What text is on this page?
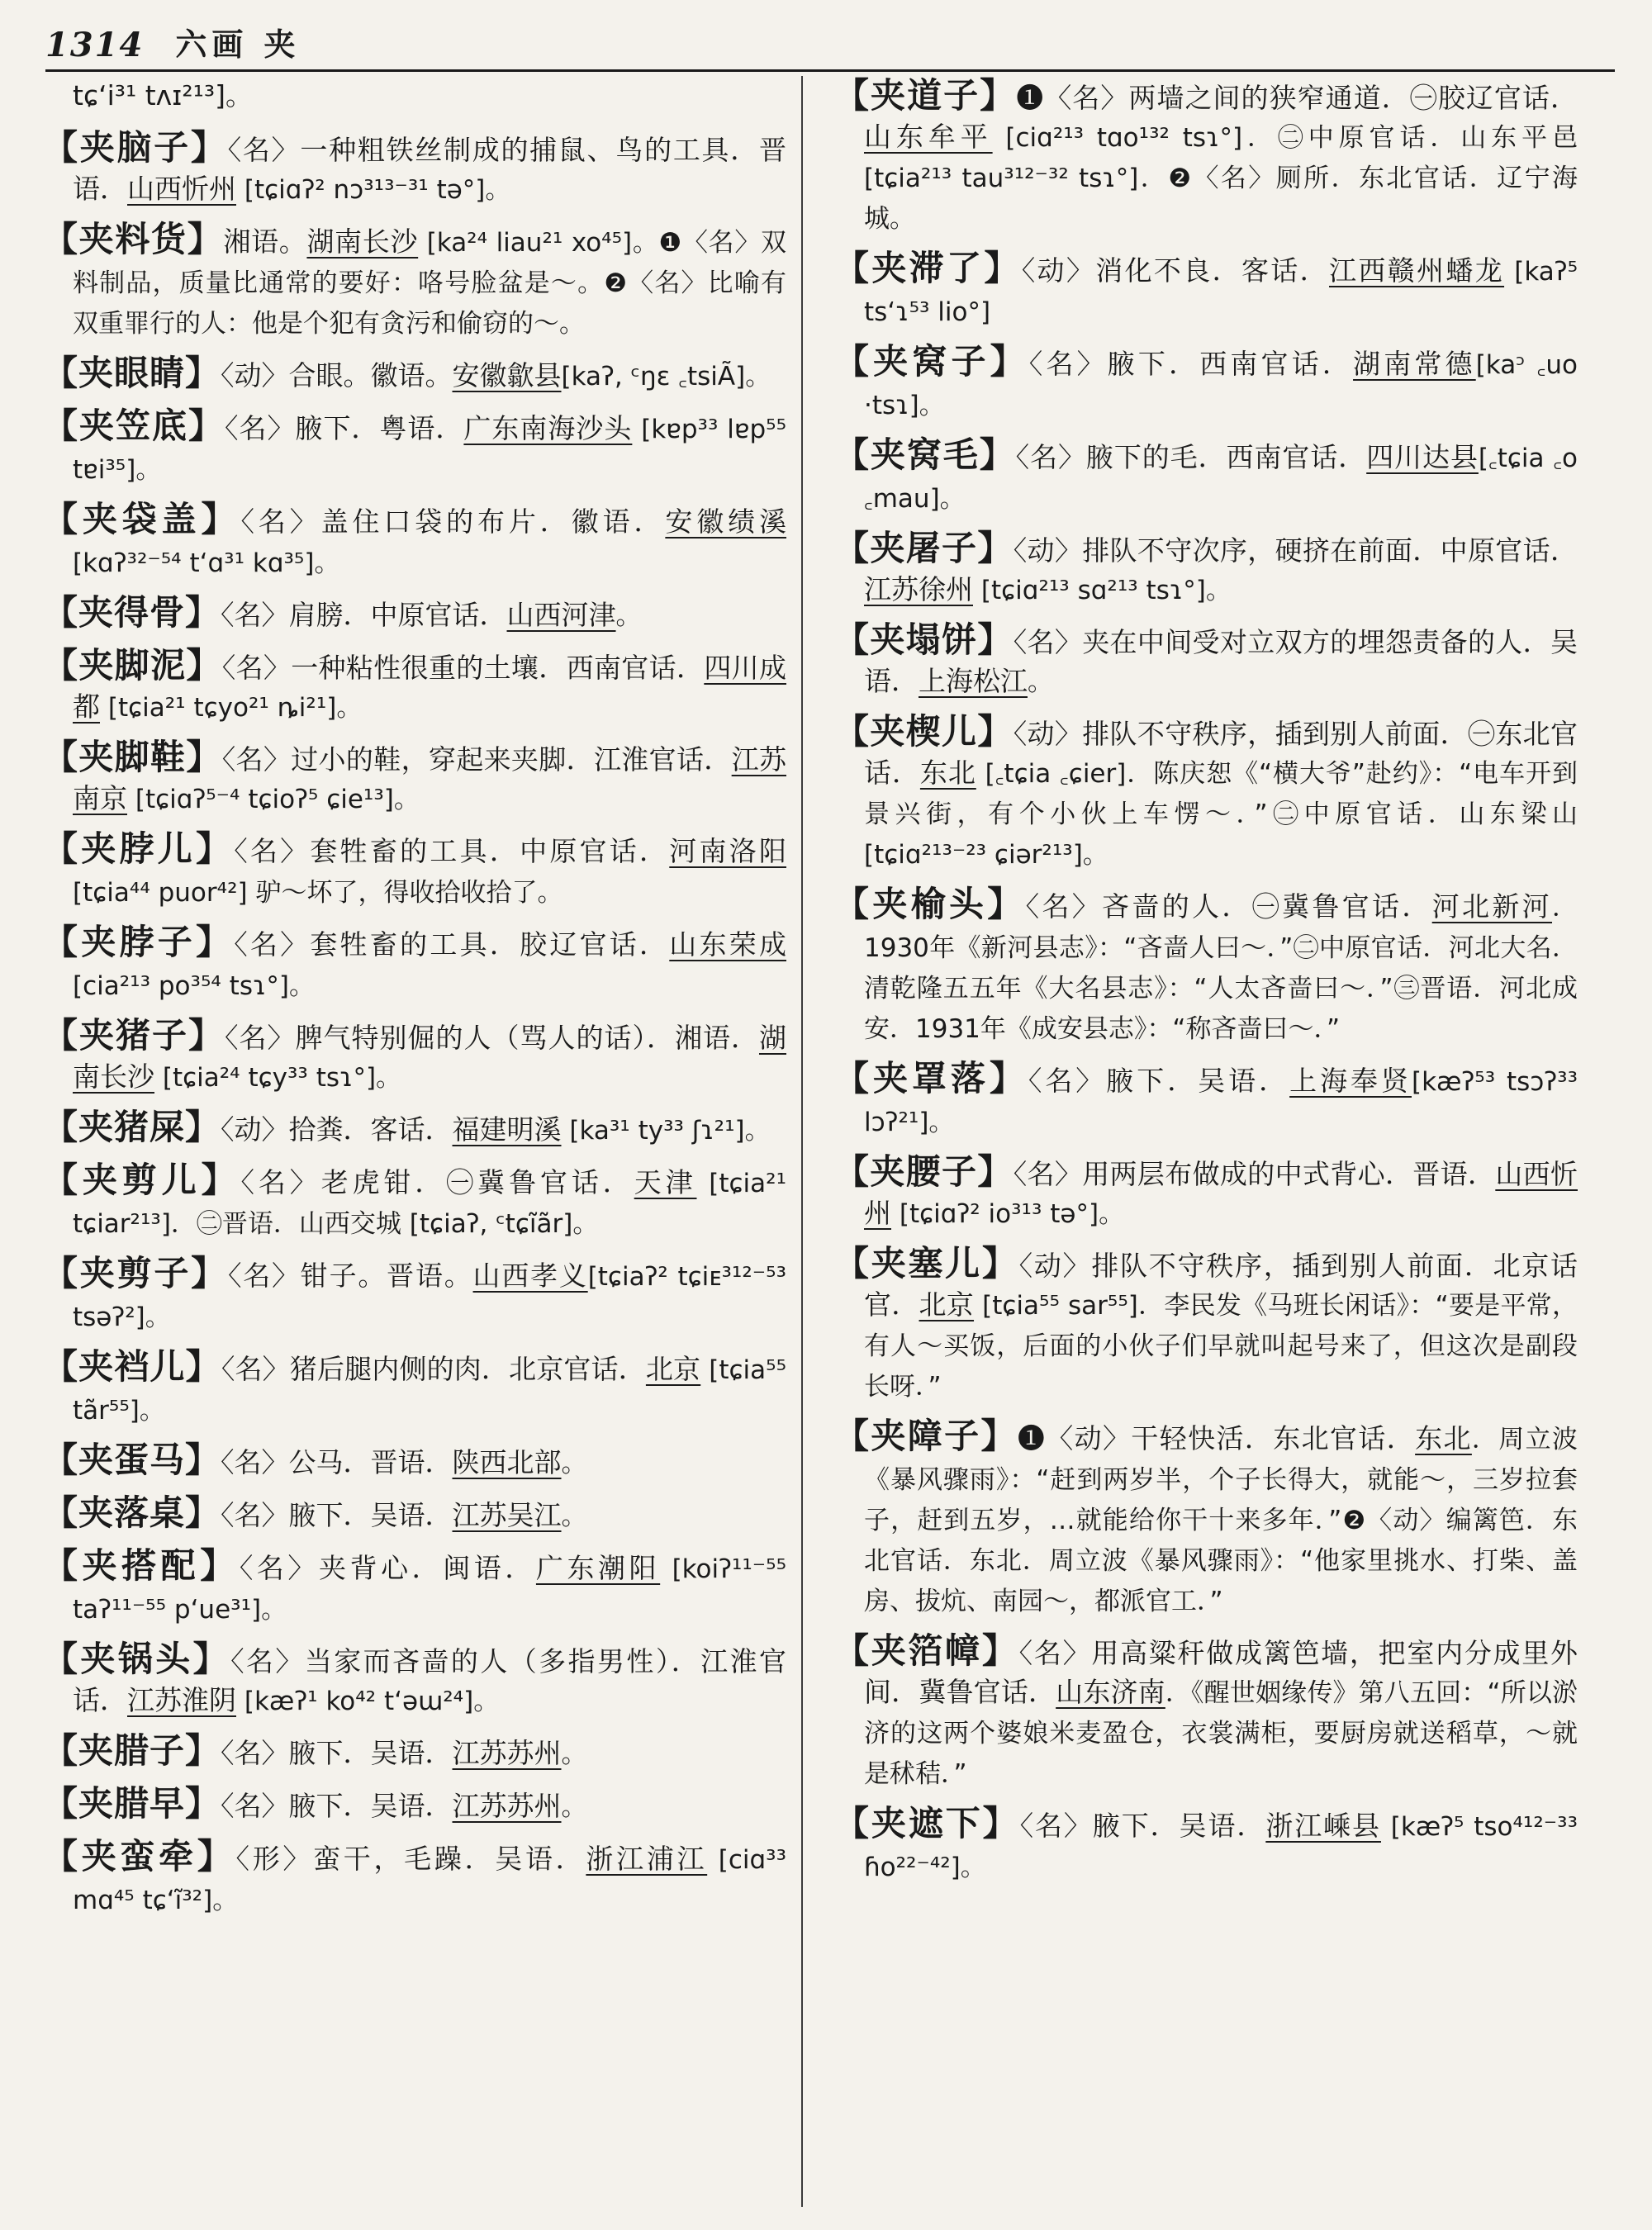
1314 六画 夹
tɕʻi³¹ tʌɪ²¹³]。

【夹脑子】〈名〉一种粗铁丝制成的捕鼠、鸟的工具．晋语．山西忻州 [tɕiɑʔ² nɔ³¹³⁻³¹ tə°]。

【夹料货】湘语。湖南长沙 [ka²⁴ liau²¹ xo⁴⁵]。❶〈名〉双料制品，质量比通常的要好：咯号脸盆是～。❷〈名〉比喻有双重罪行的人：他是个犯有贪污和偷窃的～。

【夹眼睛】〈动〉合眼。徽语。安徽歙县[kaʔ, ᶜŋɛ ꜀tsiÃ]。

【夹笠底】〈名〉腋下．粤语．广东南海沙头 [kɐp³³ lɐp⁵⁵ tɐi³⁵]。

【夹袋盖】〈名〉盖住口袋的布片．徽语．安徽绩溪 [kɑʔ³²⁻⁵⁴ tʻɑ³¹ kɑ³⁵]。

【夹得骨】〈名〉肩膀．中原官话．山西河津。

【夹脚泥】〈名〉一种粘性很重的土壤．西南官话．四川成都 [tɕia²¹ tɕyo²¹ ȵi²¹]。

【夹脚鞋】〈名〉过小的鞋，穿起来夹脚．江淮官话．江苏南京 [tɕiɑʔ⁵⁻⁴ tɕioʔ⁵ ɕie¹³]。

【夹脖儿】〈名〉套牲畜的工具．中原官话．河南洛阳 [tɕia⁴⁴ puor⁴²] 驴～坏了，得收拾收拾了。

【夹脖子】〈名〉套牲畜的工具．胶辽官话．山东荣成 [cia²¹³ po³⁵⁴ tsɿ°]。

【夹猪子】〈名〉脾气特别倔的人（骂人的话）．湘语．湖南长沙 [tɕia²⁴ tɕy³³ tsɿ°]。

【夹猪屎】〈动〉拾粪．客话．福建明溪 [ka³¹ ty³³ ʃɿ²¹]。

【夹剪儿】〈名〉老虎钳．㊀冀鲁官话．天津 [tɕia²¹ tɕiar²¹³]．㊁晋语．山西交城 [tɕiaʔ, ᶜtɕĩãr]。

【夹剪子】〈名〉钳子。晋语。山西孝义[tɕiaʔ² tɕiᴇ³¹²⁻⁵³ tsəʔ²]。

【夹裆儿】〈名〉猪后腿内侧的肉．北京官话．北京 [tɕia⁵⁵ tãr⁵⁵]。

【夹蛋马】〈名〉公马．晋语．陕西北部。

【夹落桌】〈名〉腋下．吴语．江苏吴江。

【夹搭配】〈名〉夹背心．闽语．广东潮阳 [koiʔ¹¹⁻⁵⁵ taʔ¹¹⁻⁵⁵ pʻue³¹]。

【夹锅头】〈名〉当家而吝啬的人（多指男性）．江淮官话．江苏淮阴 [kæʔ¹ ko⁴² tʻəɯ²⁴]。

【夹腊子】〈名〉腋下．吴语．江苏苏州。

【夹腊早】〈名〉腋下．吴语．江苏苏州。

【夹蛮牵】〈形〉蛮干，毛躁．吴语．浙江浦江 [ciɑ³³ mɑ⁴⁵ tɕʻĩ³²]。

【夹道子】❶〈名〉两墙之间的狭窄通道．㊀胶辽官话．山东牟平 [ciɑ²¹³ tɑo¹³² tsɿ°]．㊁中原官话．山东平邑 [tɕia²¹³ tau³¹²⁻³² tsɿ°]．❷〈名〉厕所．东北官话．辽宁海城。

【夹滞了】〈动〉消化不良．客话．江西赣州蟠龙 [kaʔ⁵ tsʻɿ⁵³ lio°]

【夹窝子】〈名〉腋下．西南官话．湖南常德[kaᵓ ꜀uo ·tsɿ]。

【夹窝毛】〈名〉腋下的毛．西南官话．四川达县[꜀tɕia ꜀o ꜀mau]。

【夹屠子】〈动〉排队不守次序，硬挤在前面．中原官话．江苏徐州 [tɕiɑ²¹³ sɑ²¹³ tsɿ°]。

【夹塌饼】〈名〉夹在中间受对立双方的埋怨责备的人．吴语．上海松江。

【夹楔儿】〈动〉排队不守秩序，插到别人前面．㊀东北官话．东北 [꜀tɕia ꜀ɕier]．陈庆恕《“横大爷”赴约》：“电车开到景兴街，有个小伙上车愣～．”㊁中原官话．山东梁山 [tɕiɑ²¹³⁻²³ ɕiər²¹³]。

【夹榆头】〈名〉吝啬的人．㊀冀鲁官话．河北新河．1930年《新河县志》：“吝啬人曰～．”㊁中原官话．河北大名．清乾隆五五年《大名县志》：“人太吝啬曰～．”㊂晋语．河北成安．1931年《成安县志》：“称吝啬曰～．”

【夹罩落】〈名〉腋下．吴语．上海奉贤[kæʔ⁵³ tsɔʔ³³ lɔʔ²¹]。

【夹腰子】〈名〉用两层布做成的中式背心．晋语．山西忻州 [tɕiɑʔ² io³¹³ tə°]。

【夹塞儿】〈动〉排队不守秩序，插到别人前面．北京话官．北京 [tɕia⁵⁵ sar⁵⁵]．李民发《马班长闲话》：“要是平常，有人～买饭，后面的小伙子们早就叫起号来了，但这次是副段长呀．”

【夹障子】❶〈动〉干轻快活．东北官话．东北．周立波《暴风骤雨》：“赶到两岁半，个子长得大，就能～，三岁拉套子，赶到五岁，…就能给你干十来多年．”❷〈动〉编篱笆．东北官话．东北．周立波《暴风骤雨》：“他家里挑水、打柴、盖房、拔炕、南园～，都派官工．”

【夹箔幛】〈名〉用高粱秆做成篱笆墙，把室内分成里外间．冀鲁官话．山东济南．《醒世姻缘传》第八五回：“所以淤济的这两个婆娘米麦盈仓，衣裳满柜，要厨房就送稻草，～就是秫秸．”

【夹遮下】〈名〉腋下．吴语．浙江嵊县 [kæʔ⁵ tso⁴¹²⁻³³ ɦo²²⁻⁴²]。
